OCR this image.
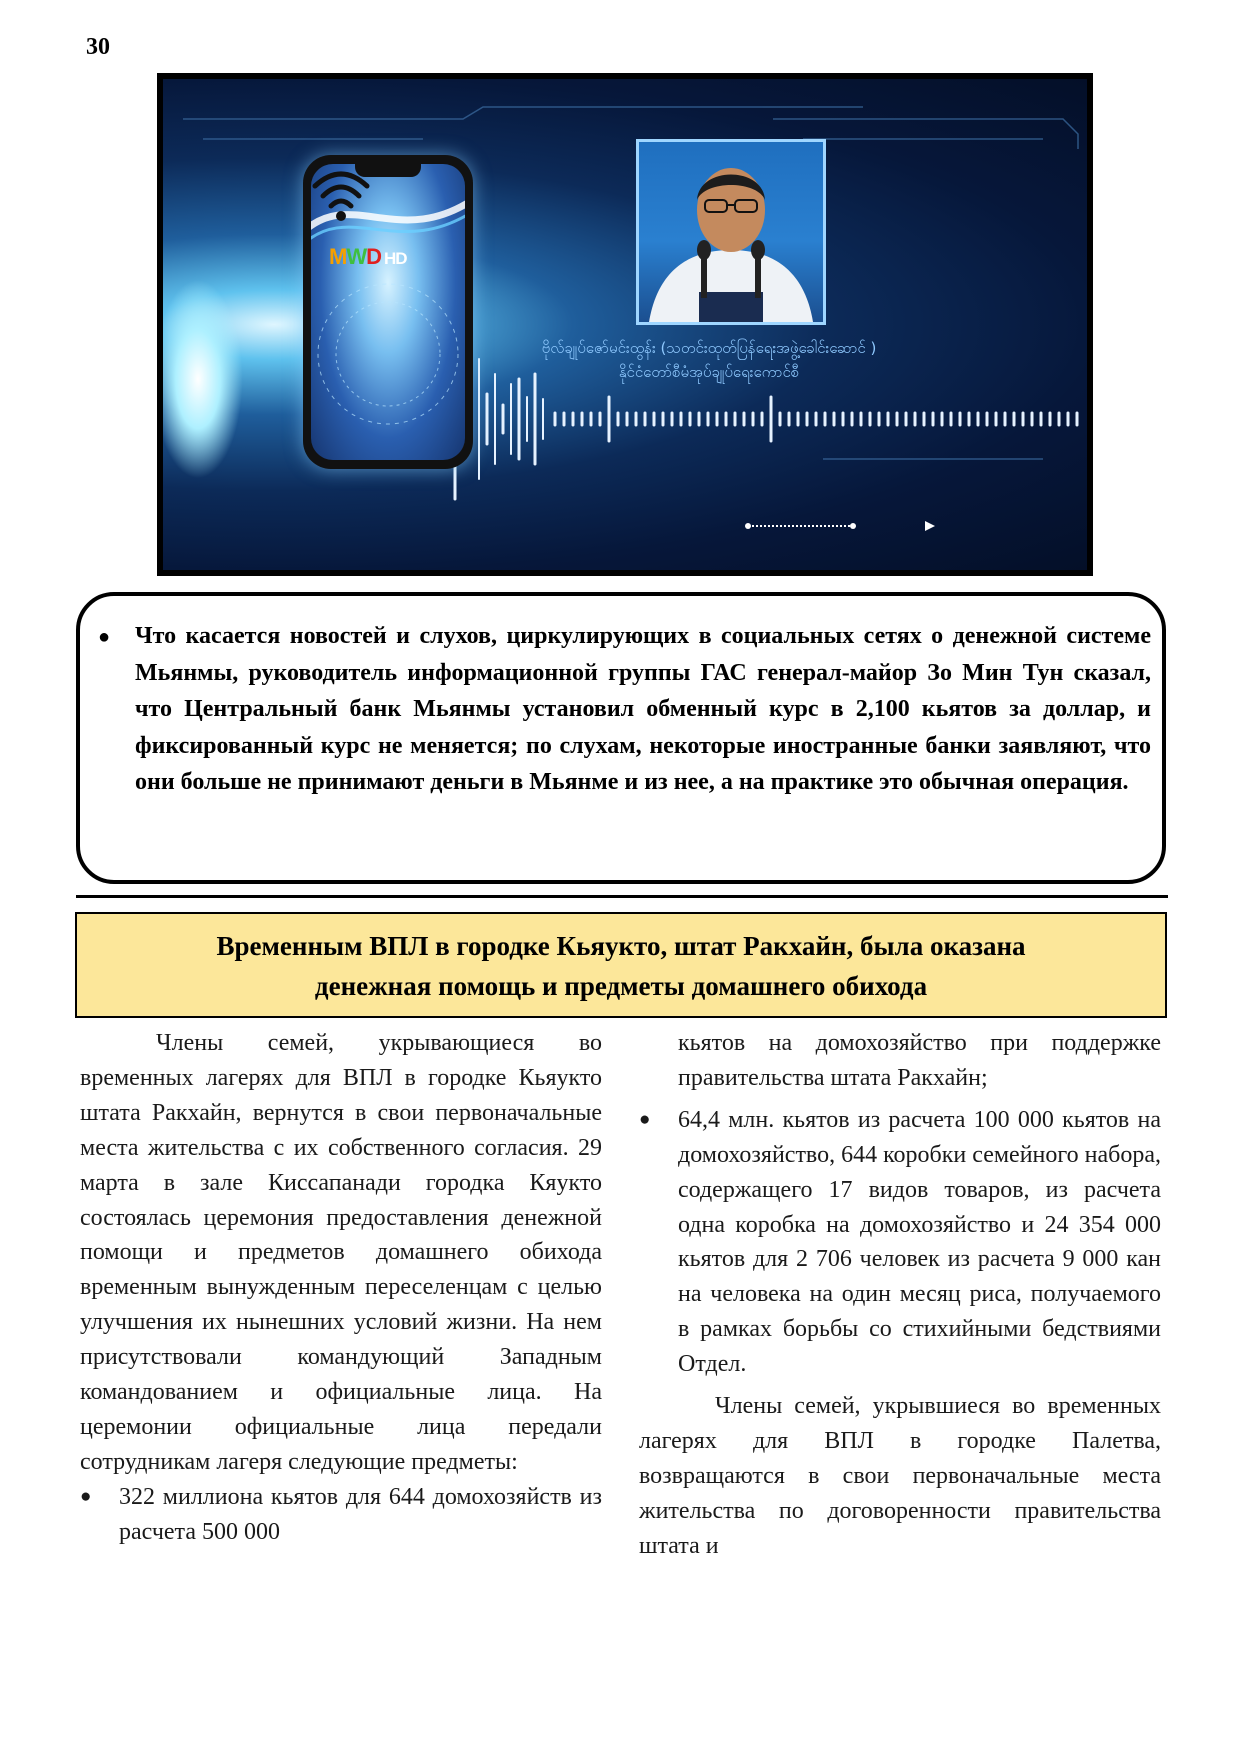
30
MWD HD
ဗိုလ်ချုပ်ဇော်မင်းထွန်း (သတင်းထုတ်ပြန်ရေးအဖွဲ့ခေါင်းဆောင် )
နိုင်ငံတော်စီမံအုပ်ချုပ်ရေးကောင်စီ
● Что касается новостей и слухов, циркулирующих в социальных сетях о денежной системе Мьянмы, руководитель информационной группы ГАС генерал-майор Зо Мин Тун сказал, что Центральный банк Мьянмы установил обменный курс в 2,100 кьятов за доллар, и фиксированный курс не меняется; по слухам, некоторые иностранные банки заявляют, что они больше не принимают деньги в Мьянме и из нее, а на практике это обычная операция.
Временным ВПЛ в городке Кьяукто, штат Ракхайн, была оказана
денежная помощь и предметы домашнего обихода

Члены семей, укрывающиеся во временных лагерях для ВПЛ в городке Кьяукто штата Ракхайн, вернутся в свои первоначальные места жительства с их собственного согласия. 29 марта в зале Киссапанади городка Кяукто состоялась церемония предоставления денежной помощи и предметов домашнего обихода временным вынужденным переселенцам с целью улучшения их нынешних условий жизни. На нем присутствовали командующий Западным командованием и официальные лица. На церемонии официальные лица передали сотрудникам лагеря следующие предметы:

● 322 миллиона кьятов для 644 домохозяйств из расчета 500 000
кьятов на домохозяйство при поддержке правительства штата Ракхайн;
● 64,4 млн. кьятов из расчета 100 000 кьятов на домохозяйство, 644 коробки семейного набора, содержащего 17 видов товаров, из расчета одна коробка на домохозяйство и 24 354 000 кьятов для 2 706 человек из расчета 9 000 кан на человека на один месяц риса, получаемого в рамках борьбы со стихийными бедствиями Отдел.

Члены семей, укрывшиеся во временных лагерях для ВПЛ в городке Палетва, возвращаются в свои первоначальные места жительства по договоренности правительства штата и
